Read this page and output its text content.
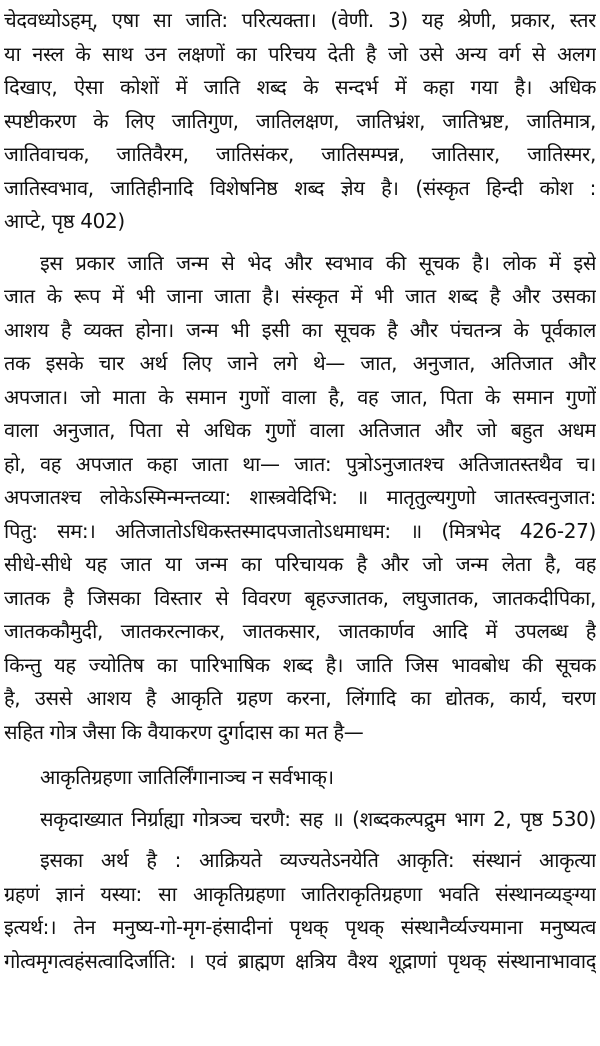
चेदवध्योऽहम्, एषा सा जाति: परित्यक्ता। (वेणी. 3) यह श्रेणी, प्रकार, स्तर
या नस्ल के साथ उन लक्षणों का परिचय देती है जो उसे अन्य वर्ग से अलग
दिखाए, ऐसा कोशों में जाति शब्द के सन्दर्भ में कहा गया है। अधिक
स्पष्टीकरण के लिए जातिगुण, जातिलक्षण, जातिभ्रंश, जातिभ्रष्ट, जातिमात्र,
जातिवाचक, जातिवैरम, जातिसंकर, जातिसम्पन्न, जातिसार, जातिस्मर,
जातिस्वभाव, जातिहीनादि विशेषनिष्ठ शब्द ज्ञेय है। (संस्कृत हिन्दी कोश :
आप्टे, पृष्ठ 402)
इस प्रकार जाति जन्म से भेद और स्वभाव की सूचक है। लोक में इसे
जात के रूप में भी जाना जाता है। संस्कृत में भी जात शब्द है और उसका
आशय है व्यक्त होना। जन्म भी इसी का सूचक है और पंचतन्त्र के पूर्वकाल
तक इसके चार अर्थ लिए जाने लगे थे— जात, अनुजात, अतिजात और
अपजात। जो माता के समान गुणों वाला है, वह जात, पिता के समान गुणों
वाला अनुजात, पिता से अधिक गुणों वाला अतिजात और जो बहुत अधम
हो, वह अपजात कहा जाता था— जात: पुत्रोऽनुजातश्च अतिजातस्तथैव च।
अपजातश्च लोकेऽस्मिन्मन्तव्या: शास्त्रवेदिभि: ॥ मातृतुल्यगुणो जातस्त्वनुजात:
पितु: सम:। अतिजातोऽधिकस्तस्मादपजातोऽधमाधम: ॥ (मित्रभेद 426-27)
सीधे-सीधे यह जात या जन्म का परिचायक है और जो जन्म लेता है, वह
जातक है जिसका विस्तार से विवरण बृहज्जातक, लघुजातक, जातकदीपिका,
जातककौमुदी, जातकरत्नाकर, जातकसार, जातकार्णव आदि में उपलब्ध है
किन्तु यह ज्योतिष का पारिभाषिक शब्द है। जाति जिस भावबोध की सूचक
है, उससे आशय है आकृति ग्रहण करना, लिंगादि का द्योतक, कार्य, चरण
सहित गोत्र जैसा कि वैयाकरण दुर्गादास का मत है—
आकृतिग्रहणा जातिर्लिंगानाञ्च न सर्वभाक्।
सकृदाख्यात निर्ग्राह्या गोत्रञ्च चरणै: सह ॥ (शब्दकल्पद्रुम भाग 2, पृष्ठ 530)
इसका अर्थ है : आक्रियते व्यज्यतेऽनयेति आकृति: संस्थानं आकृत्या
ग्रहणं ज्ञानं यस्या: सा आकृतिग्रहणा जातिराकृतिग्रहणा भवति संस्थानव्यङ्ग्या
इत्यर्थ:। तेन मनुष्य-गो-मृग-हंसादीनां पृथक् पृथक् संस्थानैर्व्यज्यमाना मनुष्यत्व
गोत्वमृगत्वहंसत्वादिर्जाति: । एवं ब्राह्मण क्षत्रिय वैश्य शूद्राणां पृथक् संस्थानाभावाद्
